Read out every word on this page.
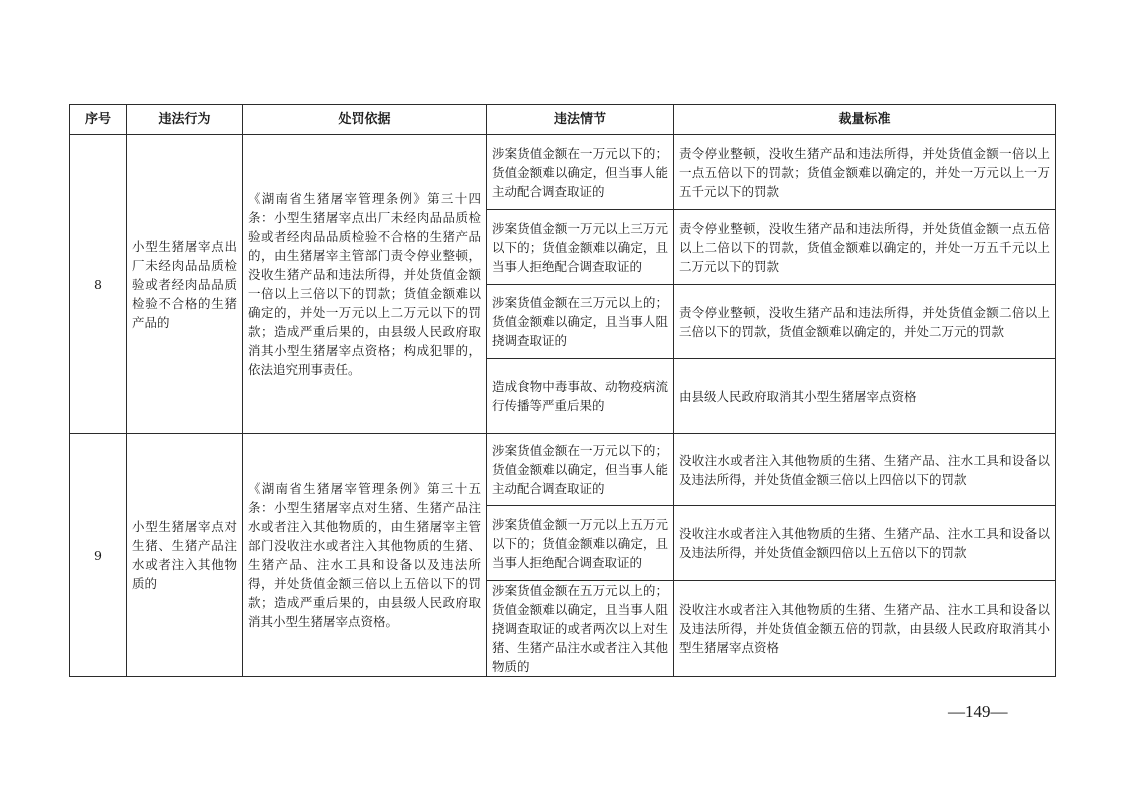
序号	违法行为	处罚依据	违法情节	裁量标准
8	小型生猪屠宰点出厂未经肉品品质检验或者经肉品品质检验不合格的生猪产品的	《湖南省生猪屠宰管理条例》第三十四条：小型生猪屠宰点出厂未经肉品品质检验或者经肉品品质检验不合格的生猪产品的，由生猪屠宰主管部门责令停业整顿，没收生猪产品和违法所得，并处货值金额一倍以上三倍以下的罚款；货值金额难以确定的，并处一万元以上二万元以下的罚款；造成严重后果的，由县级人民政府取消其小型生猪屠宰点资格；构成犯罪的，依法追究刑事责任。	涉案货值金额在一万元以下的；货值金额难以确定，但当事人能主动配合调查取证的	责令停业整顿，没收生猪产品和违法所得，并处货值金额一倍以上一点五倍以下的罚款；货值金额难以确定的，并处一万元以上一万五千元以下的罚款
			涉案货值金额一万元以上三万元以下的；货值金额难以确定，且当事人拒绝配合调查取证的	责令停业整顿，没收生猪产品和违法所得，并处货值金额一点五倍以上二倍以下的罚款，货值金额难以确定的，并处一万五千元以上二万元以下的罚款
			涉案货值金额在三万元以上的；货值金额难以确定，且当事人阻挠调查取证的	责令停业整顿，没收生猪产品和违法所得，并处货值金额二倍以上三倍以下的罚款，货值金额难以确定的，并处二万元的罚款
			造成食物中毒事故、动物疫病流行传播等严重后果的	由县级人民政府取消其小型生猪屠宰点资格
9	小型生猪屠宰点对生猪、生猪产品注水或者注入其他物质的	《湖南省生猪屠宰管理条例》第三十五条：小型生猪屠宰点对生猪、生猪产品注水或者注入其他物质的，由生猪屠宰主管部门没收注水或者注入其他物质的生猪、生猪产品、注水工具和设备以及违法所得，并处货值金额三倍以上五倍以下的罚款；造成严重后果的，由县级人民政府取消其小型生猪屠宰点资格。	涉案货值金额在一万元以下的；货值金额难以确定，但当事人能主动配合调查取证的	没收注水或者注入其他物质的生猪、生猪产品、注水工具和设备以及违法所得，并处货值金额三倍以上四倍以下的罚款
			涉案货值金额一万元以上五万元以下的；货值金额难以确定，且当事人拒绝配合调查取证的	没收注水或者注入其他物质的生猪、生猪产品、注水工具和设备以及违法所得，并处货值金额四倍以上五倍以下的罚款
			涉案货值金额在五万元以上的；货值金额难以确定，且当事人阻挠调查取证的或者两次以上对生猪、生猪产品注水或者注入其他物质的	没收注水或者注入其他物质的生猪、生猪产品、注水工具和设备以及违法所得，并处货值金额五倍的罚款，由县级人民政府取消其小型生猪屠宰点资格
—149—
